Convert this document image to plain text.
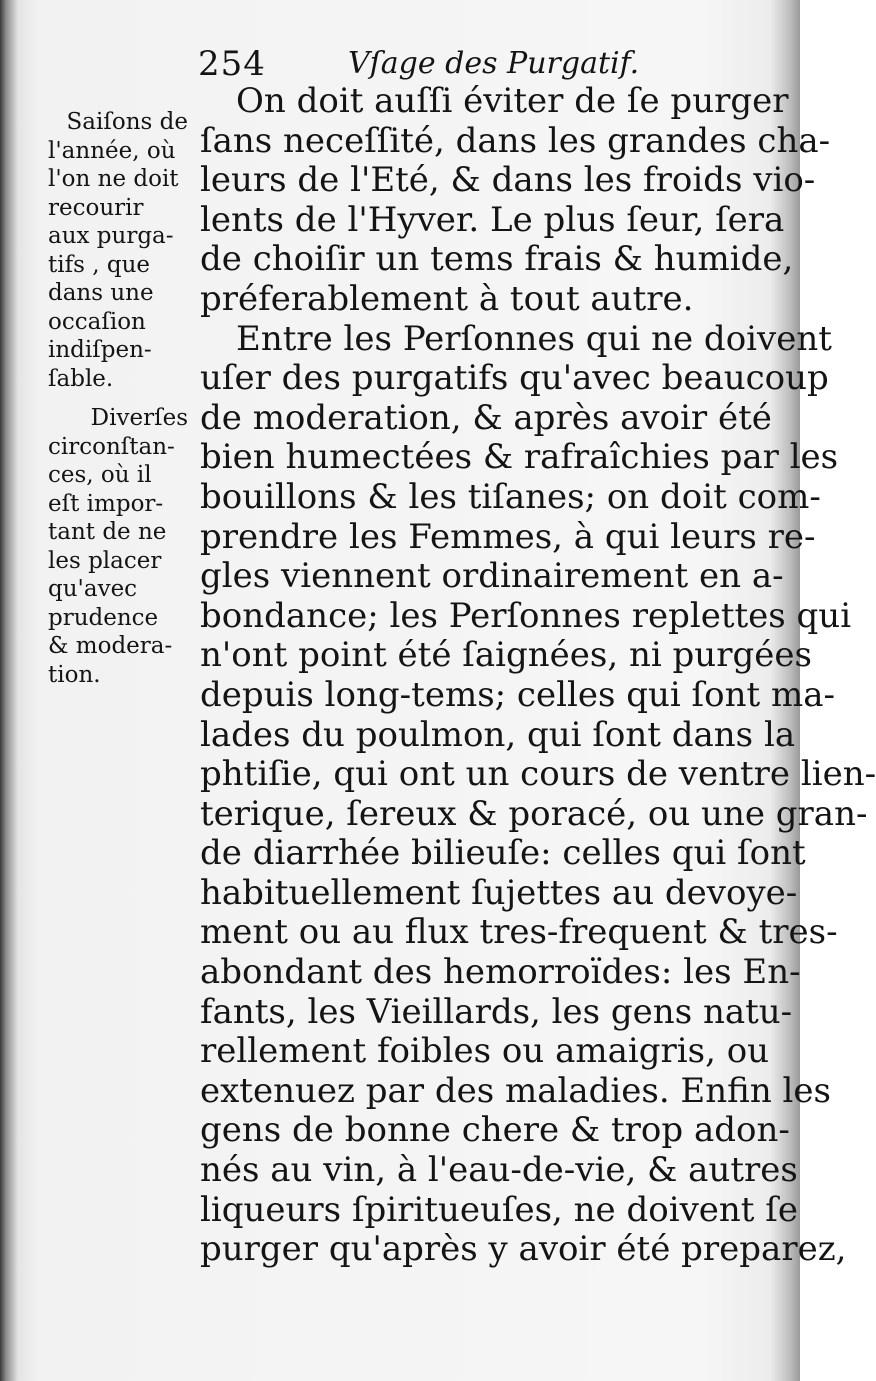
254	Vſage des Purgatif.

Saiſons de
l'année, où
l'on ne doit
recourir
aux purga-
tifs , que
dans une
occaſion
indiſpen-
ſable.

Diverſes
circonſtan-
ces, où il
eſt impor-
tant de ne
les placer
qu'avec
prudence
& modera-
tion.

On doit auſſi éviter de ſe purger
ſans neceſſité, dans les grandes cha-
leurs de l'Eté, & dans les froids vio-
lents de l'Hyver. Le plus ſeur, ſera
de choiſir un tems frais & humide,
préferablement à tout autre.
Entre les Perſonnes qui ne doivent
uſer des purgatifs qu'avec beaucoup
de moderation, & après avoir été
bien humectées & rafraîchies par les
bouillons & les tiſanes; on doit com-
prendre les Femmes, à qui leurs re-
gles viennent ordinairement en a-
bondance; les Perſonnes replettes qui
n'ont point été ſaignées, ni purgées
depuis long-tems; celles qui ſont ma-
lades du poulmon, qui ſont dans la
phtiſie, qui ont un cours de ventre lien-
terique, ſereux & poracé, ou une gran-
de diarrhée bilieuſe: celles qui ſont
habituellement ſujettes au devoye-
ment ou au flux tres-frequent & tres-
abondant des hemorroïdes: les En-
fants, les Vieillards, les gens natu-
rellement foibles ou amaigris, ou
extenuez par des maladies. Enfin les
gens de bonne chere & trop adon-
nés au vin, à l'eau-de-vie, & autres
liqueurs ſpiritueuſes, ne doivent ſe
purger qu'après y avoir été preparez,
